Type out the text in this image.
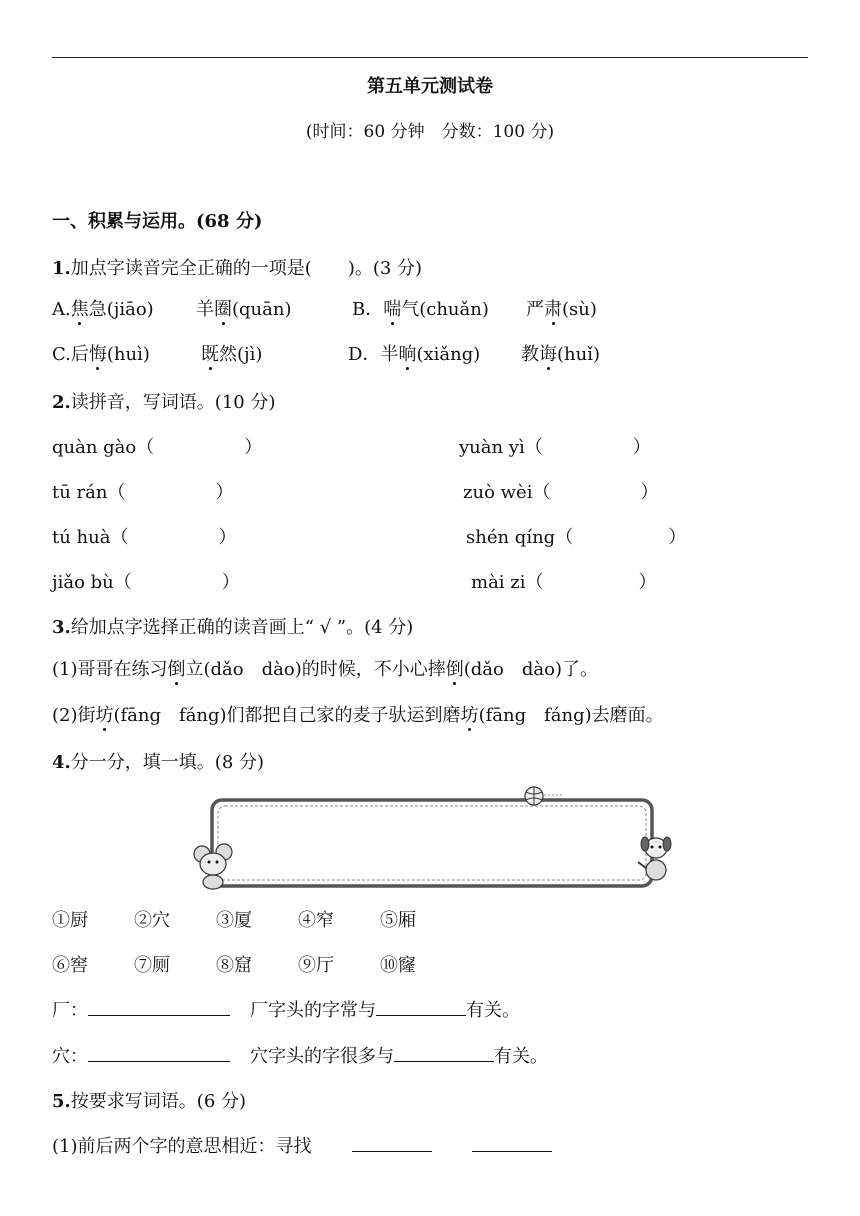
第五单元测试卷
(时间：60 分钟　分数：100 分)
一、积累与运用。(68 分)
1.加点字读音完全正确的一项是(　　)。(3 分)
A.焦急(jiāo) 羊圈(quān)	B．喘气(chuǎn) 严肃(sù)
C.后悔(huì)	既然(jì)	D．半晌(xiǎng) 教诲(huǐ)
2.读拼音，写词语。(10 分)
quàn gào（	）	yuàn yì（	）
tū rán（	）	zuò wèi（	）
tú huà（	）	shén qíng（	）
jiǎo bù（	）	mài zi（	）
3.给加点字选择正确的读音画上“ √ ”。(4 分)
(1)哥哥在练习倒立(dǎo　dào)的时候，不小心摔倒(dǎo　dào)了。
(2)街坊(fāng　fáng)们都把自己家的麦子驮运到磨坊(fāng　fáng)去磨面。
4.分一分，填一填。(8 分)
①厨	②穴	③厦	④窄	⑤厢
⑥窖	⑦厕	⑧窟	⑨厅	⑩窿
厂：	厂字头的字常与	有关。
穴：	穴字头的字很多与	有关。
5.按要求写词语。(6 分)
(1)前后两个字的意思相近：寻找
